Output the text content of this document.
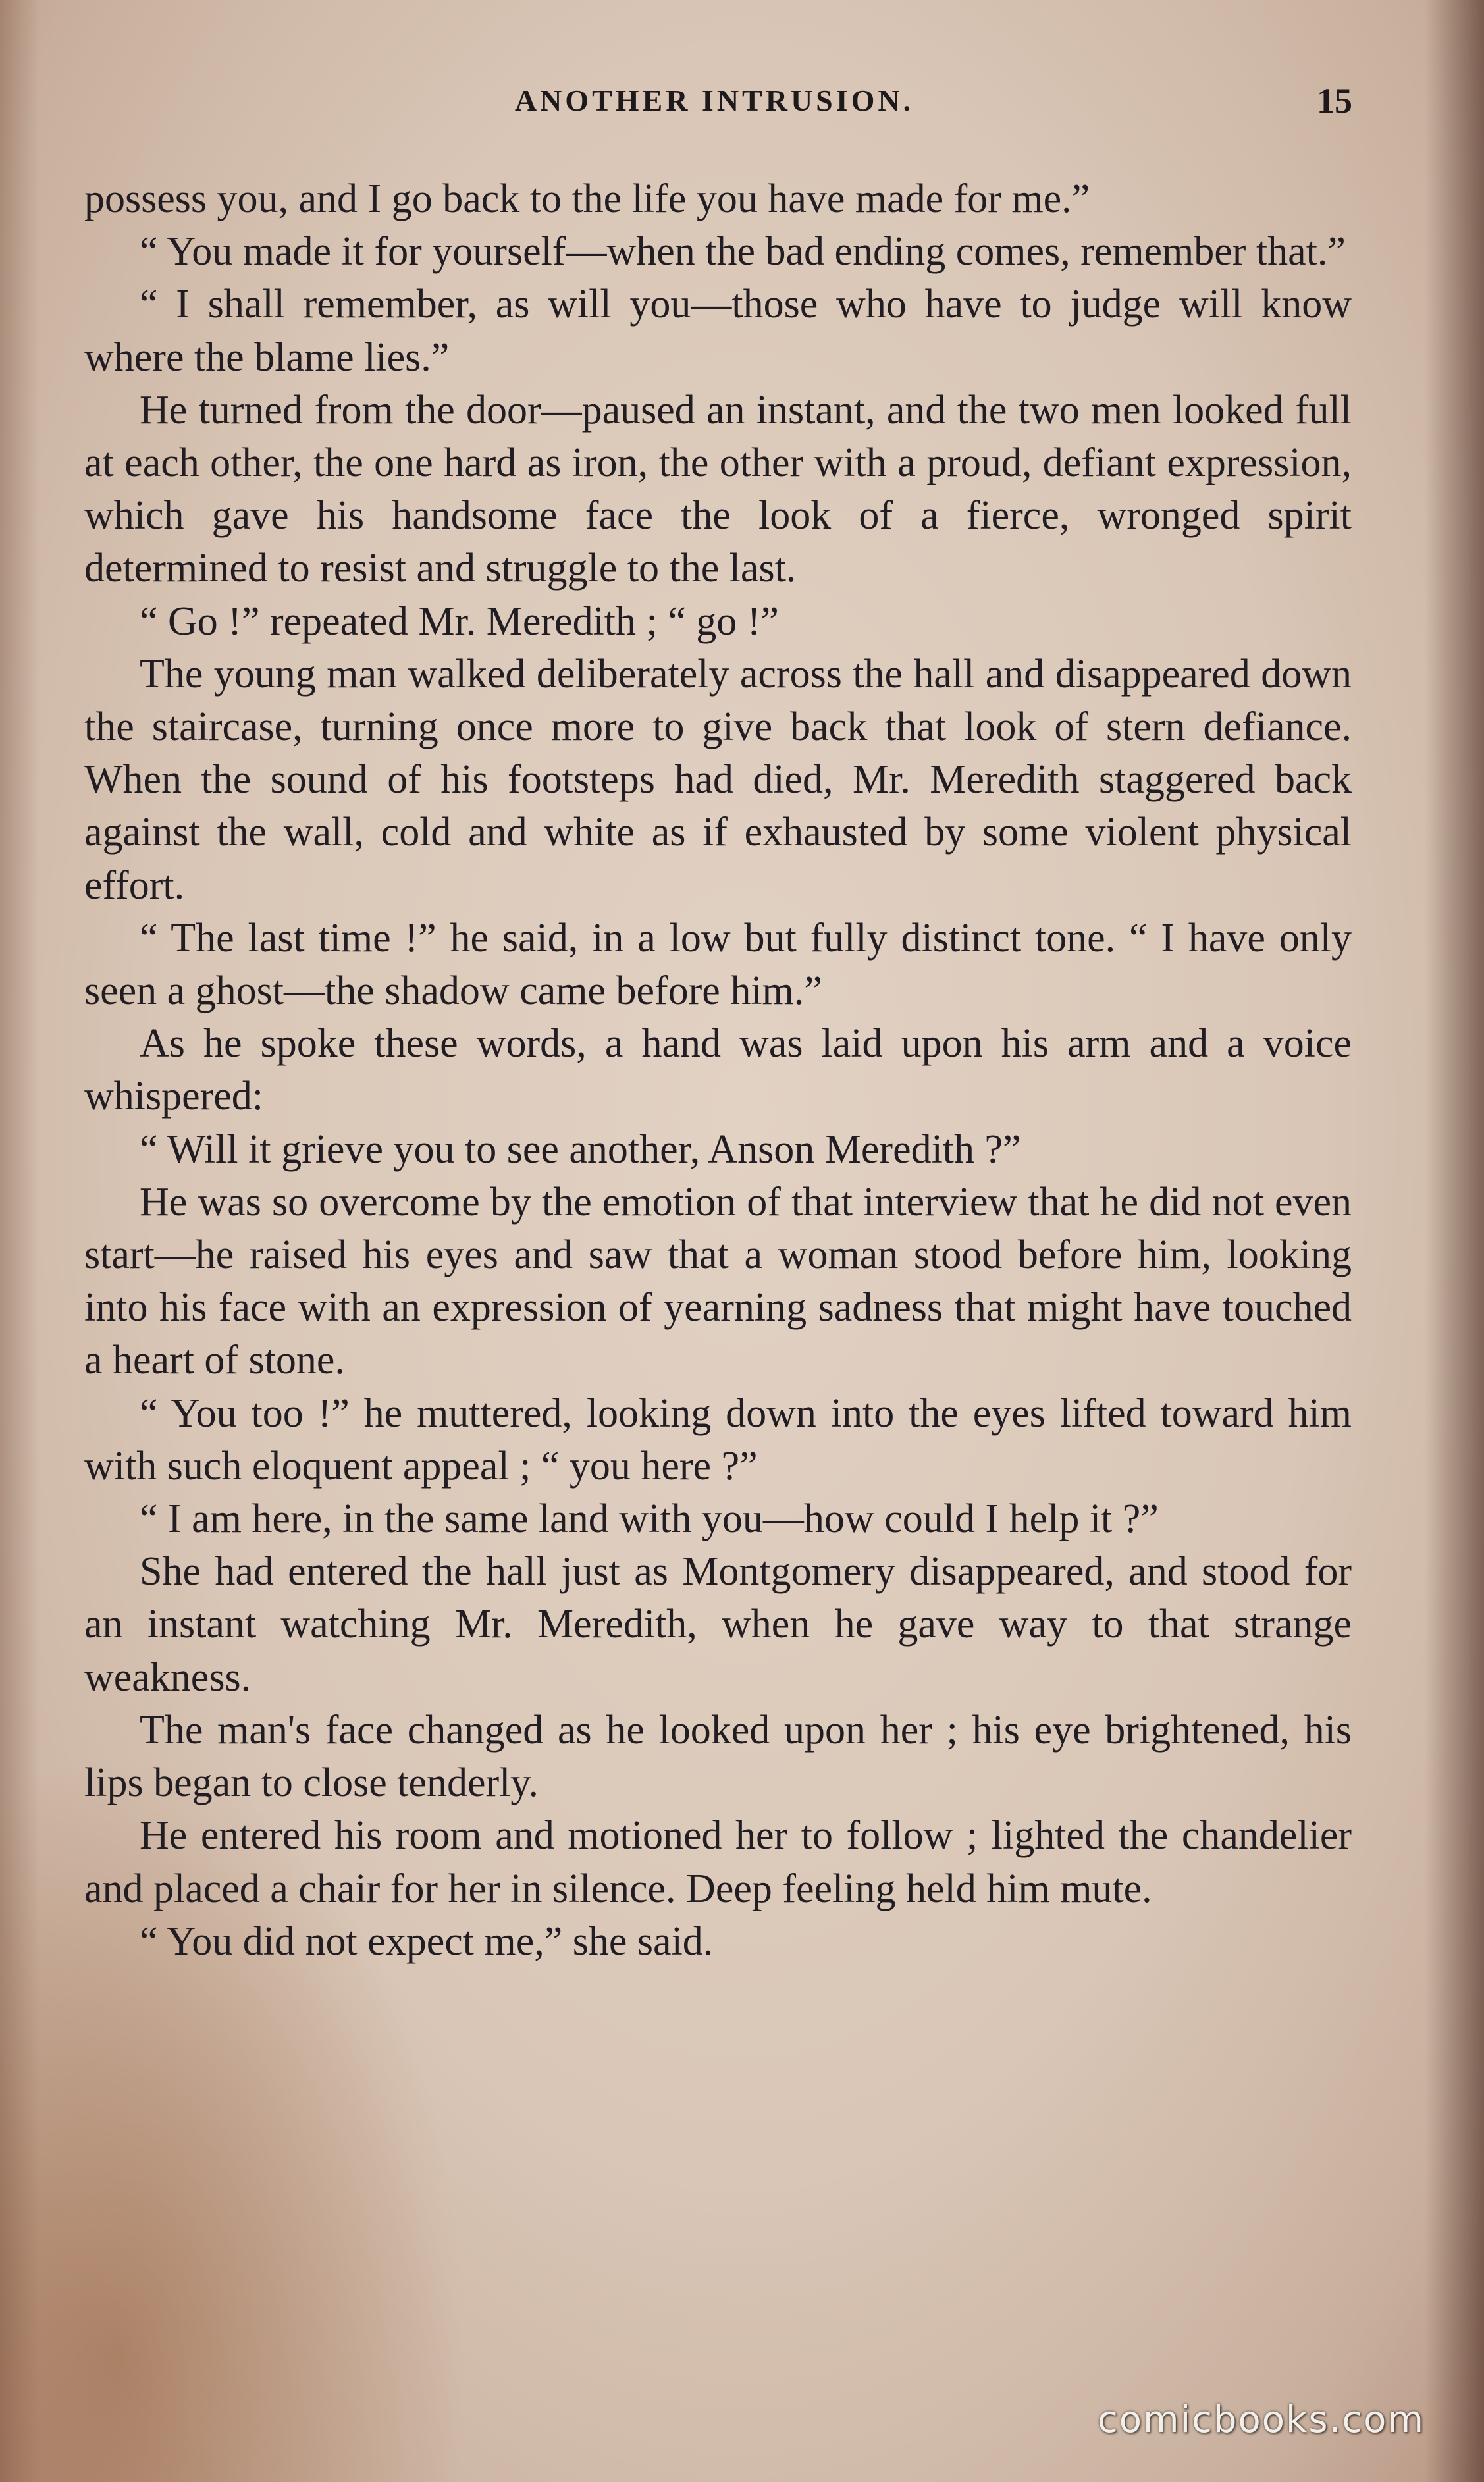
ANOTHER INTRUSION.	15

possess you, and I go back to the life you have made for me.”

“ You made it for yourself—when the bad ending comes, remember that.”

“ I shall remember, as will you—those who have to judge will know where the blame lies.”

He turned from the door—paused an instant, and the two men looked full at each other, the one hard as iron, the other with a proud, defiant expression, which gave his handsome face the look of a fierce, wronged spirit determined to resist and struggle to the last.

“ Go !” repeated Mr. Meredith ; “ go !”

The young man walked deliberately across the hall and disappeared down the staircase, turning once more to give back that look of stern defiance. When the sound of his footsteps had died, Mr. Meredith staggered back against the wall, cold and white as if exhausted by some violent physical effort.

“ The last time !” he said, in a low but fully distinct tone. “ I have only seen a ghost—the shadow came before him.”

As he spoke these words, a hand was laid upon his arm and a voice whispered:

“ Will it grieve you to see another, Anson Meredith ?”

He was so overcome by the emotion of that interview that he did not even start—he raised his eyes and saw that a woman stood before him, looking into his face with an expression of yearning sadness that might have touched a heart of stone.

“ You too !” he muttered, looking down into the eyes lifted toward him with such eloquent appeal ; “ you here ?”

“ I am here, in the same land with you—how could I help it ?”

She had entered the hall just as Montgomery disappeared, and stood for an instant watching Mr. Meredith, when he gave way to that strange weakness.

The man's face changed as he looked upon her ; his eye brightened, his lips began to close tenderly.

He entered his room and motioned her to follow ; lighted the chandelier and placed a chair for her in silence. Deep feeling held him mute.

“ You did not expect me,” she said.

comicbooks.com
